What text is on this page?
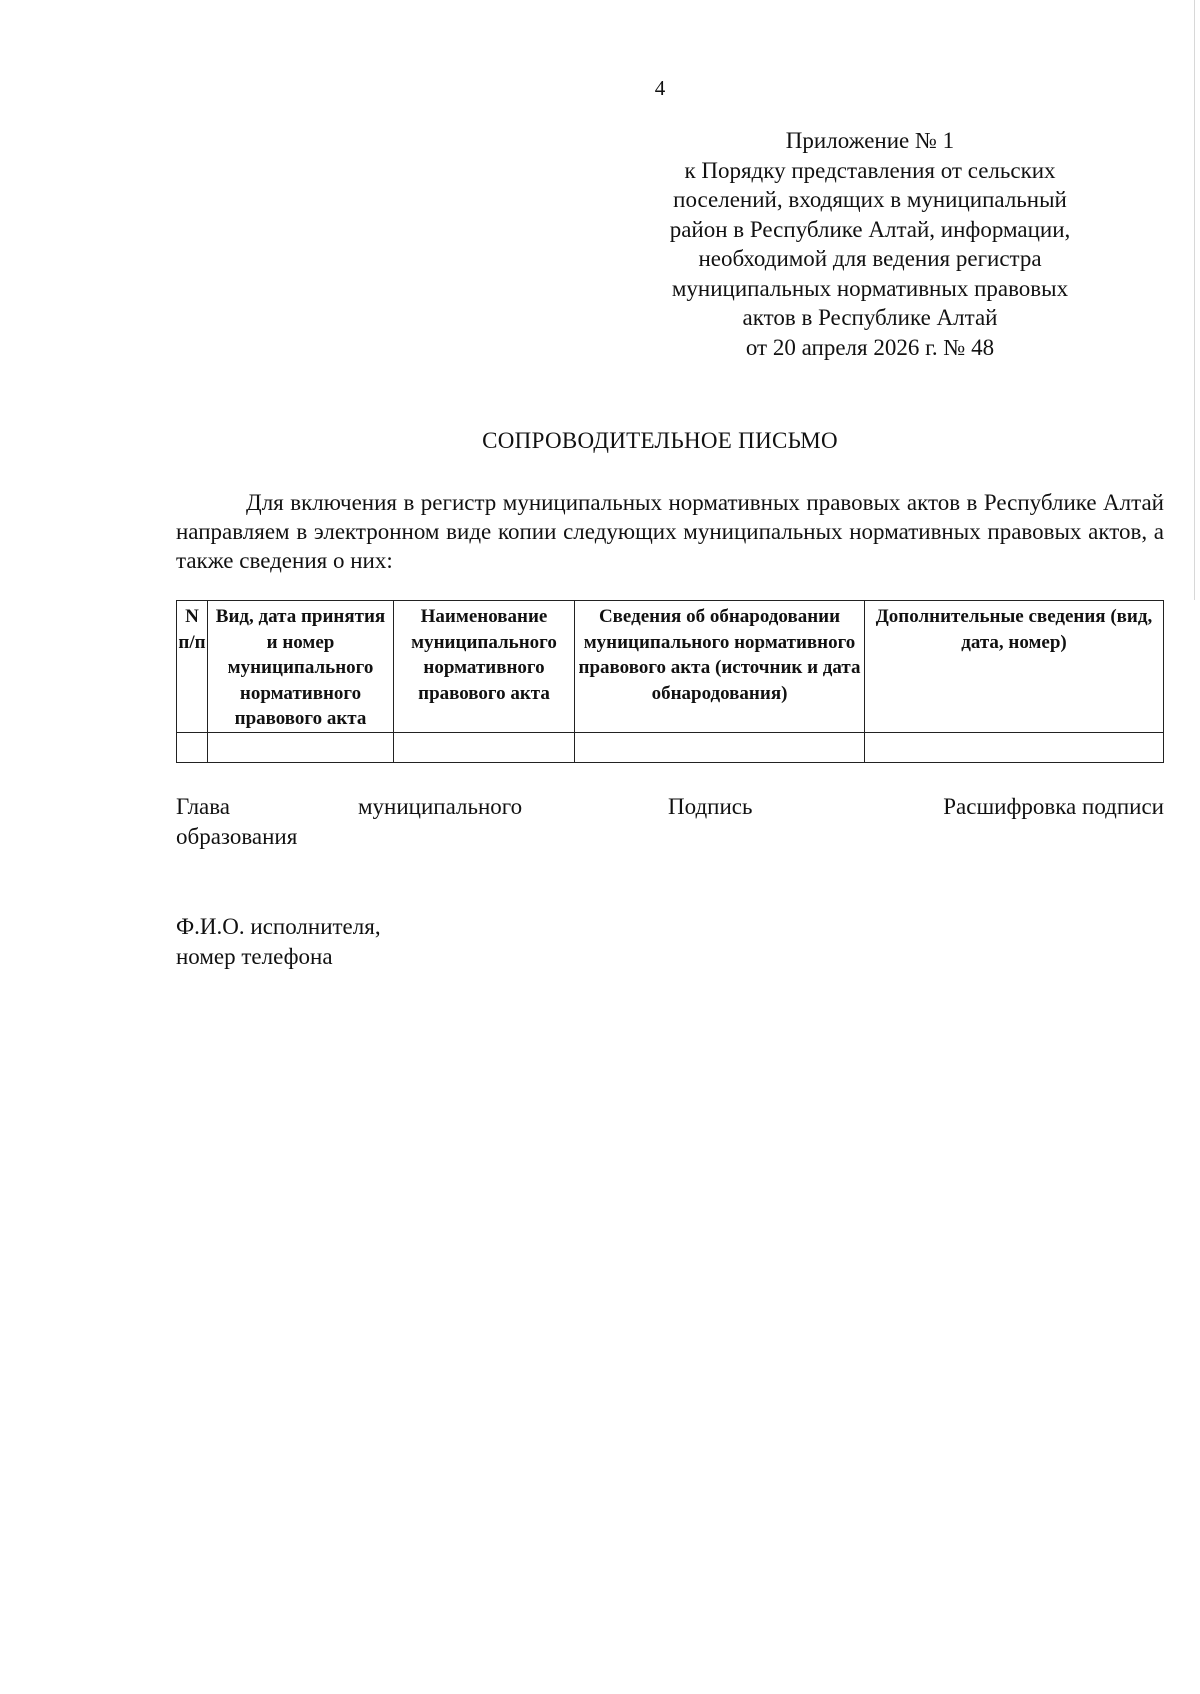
4
Приложение № 1
к Порядку представления от сельских
поселений, входящих в муниципальный
район в Республике Алтай, информации,
необходимой для ведения регистра
муниципальных нормативных правовых
актов в Республике Алтай
от 20 апреля 2026 г. № 48
СОПРОВОДИТЕЛЬНОЕ ПИСЬМО

Для включения в регистр муниципальных нормативных правовых актов в Республике Алтай направляем в электронном виде копии следующих муниципальных нормативных правовых актов, а также сведения о них:

N п/п	Вид, дата принятия и номер муниципального нормативного правового акта	Наименование муниципального нормативного правового акта	Сведения об обнародовании муниципального нормативного правового акта (источник и дата обнародования)	Дополнительные сведения (вид, дата, номер)

Глава	муниципального
образования
Подпись	Расшифровка подписи
Ф.И.О. исполнителя,
номер телефона
